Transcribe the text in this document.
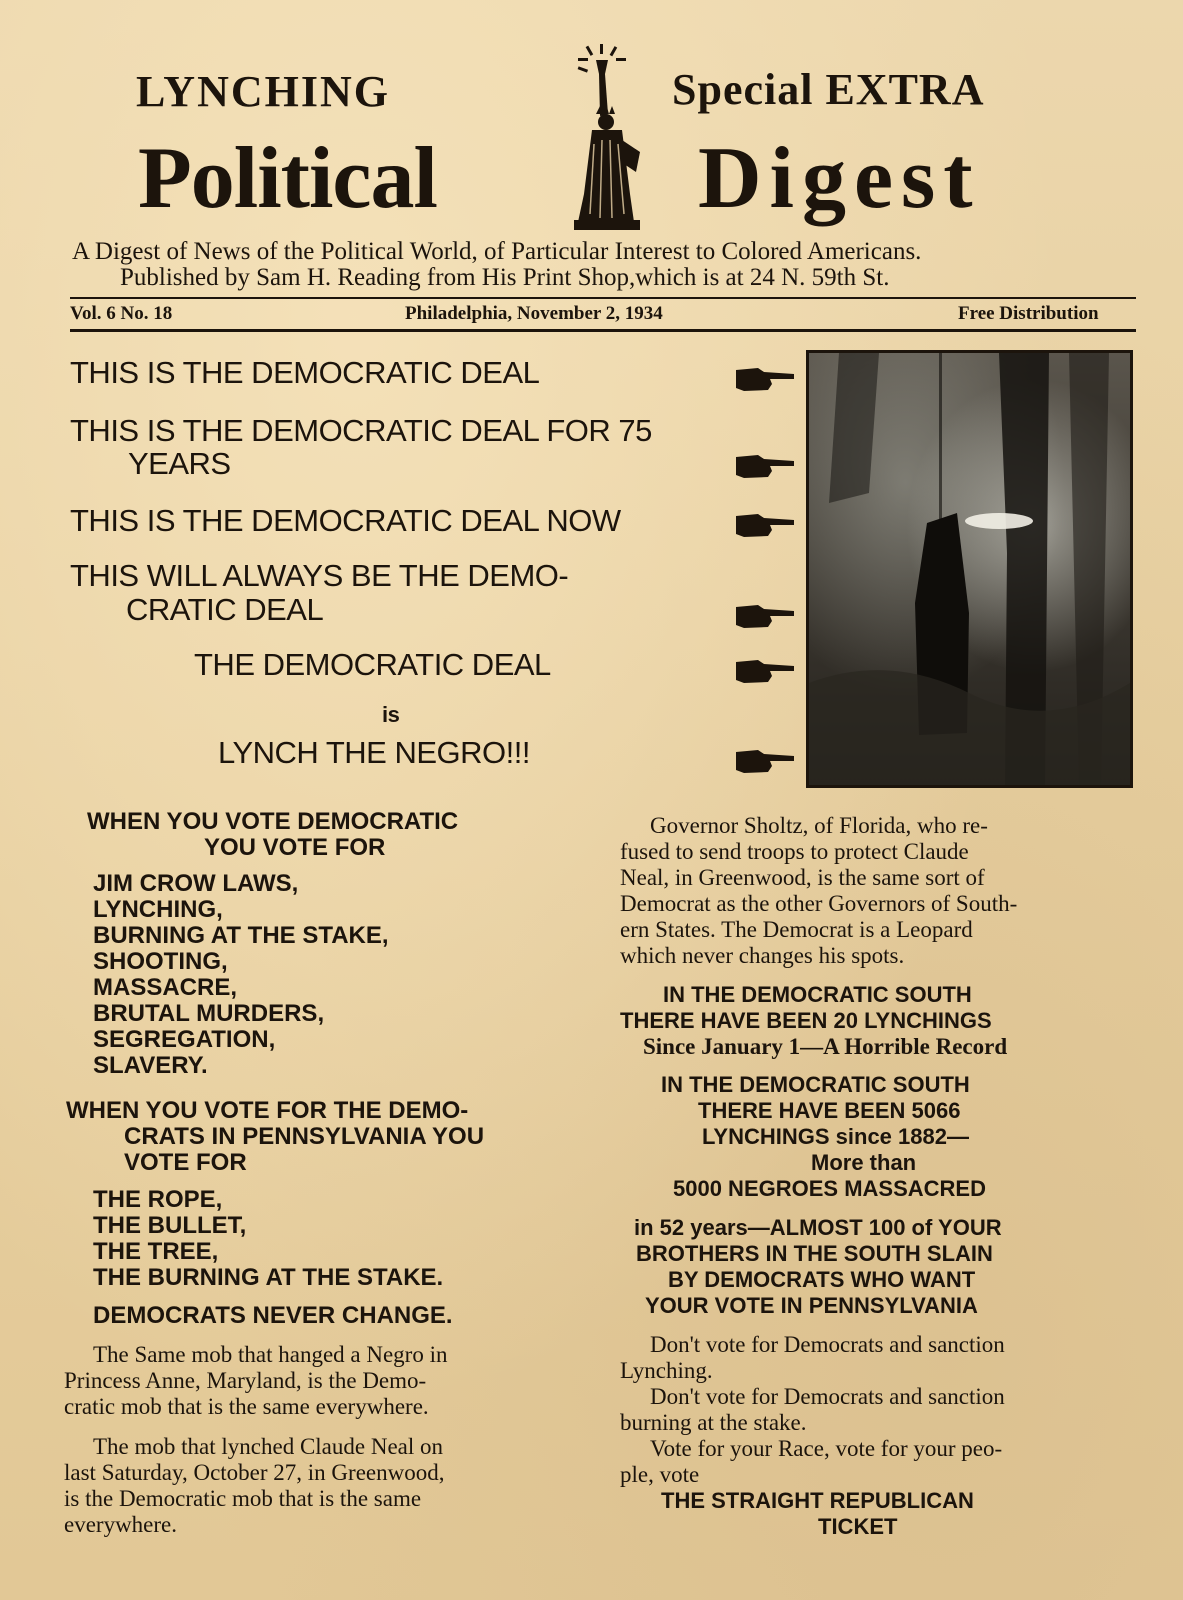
LYNCHING	Special EXTRA

Political	Digest

A Digest of News of the Political World, of Particular Interest to Colored Americans.

Published by Sam H. Reading from His Print Shop,which is at 24 N. 59th St.

Vol. 6 No. 18	Philadelphia, November 2, 1934	Free Distribution

THIS IS THE DEMOCRATIC DEAL

THIS IS THE DEMOCRATIC DEAL FOR 75

YEARS

THIS IS THE DEMOCRATIC DEAL NOW

THIS WILL ALWAYS BE THE DEMO-

CRATIC DEAL

THE DEMOCRATIC DEAL

is

LYNCH THE NEGRO!!!

WHEN YOU VOTE DEMOCRATIC

YOU VOTE FOR

JIM CROW LAWS,

LYNCHING,

BURNING AT THE STAKE,

SHOOTING,

MASSACRE,

BRUTAL MURDERS,

SEGREGATION,

SLAVERY.

WHEN YOU VOTE FOR THE DEMO-

CRATS IN PENNSYLVANIA YOU

VOTE FOR

THE ROPE,

THE BULLET,

THE TREE,

THE BURNING AT THE STAKE.

DEMOCRATS NEVER CHANGE.

The Same mob that hanged a Negro in

Princess Anne, Maryland, is the Demo-

cratic mob that is the same everywhere.

The mob that lynched Claude Neal on

last Saturday, October 27, in Greenwood,

is the Democratic mob that is the same

everywhere.

Governor Sholtz, of Florida, who re-

fused to send troops to protect Claude

Neal, in Greenwood, is the same sort of

Democrat as the other Governors of South-

ern States. The Democrat is a Leopard

which never changes his spots.

IN THE DEMOCRATIC SOUTH

THERE HAVE BEEN 20 LYNCHINGS

Since January 1—A Horrible Record

IN THE DEMOCRATIC SOUTH

THERE HAVE BEEN 5066

LYNCHINGS since 1882—

More than

5000 NEGROES MASSACRED

in 52 years—ALMOST 100 of YOUR

BROTHERS IN THE SOUTH SLAIN

BY DEMOCRATS WHO WANT

YOUR VOTE IN PENNSYLVANIA

Don't vote for Democrats and sanction

Lynching.

Don't vote for Democrats and sanction

burning at the stake.

Vote for your Race, vote for your peo-

ple, vote

THE STRAIGHT REPUBLICAN

TICKET
